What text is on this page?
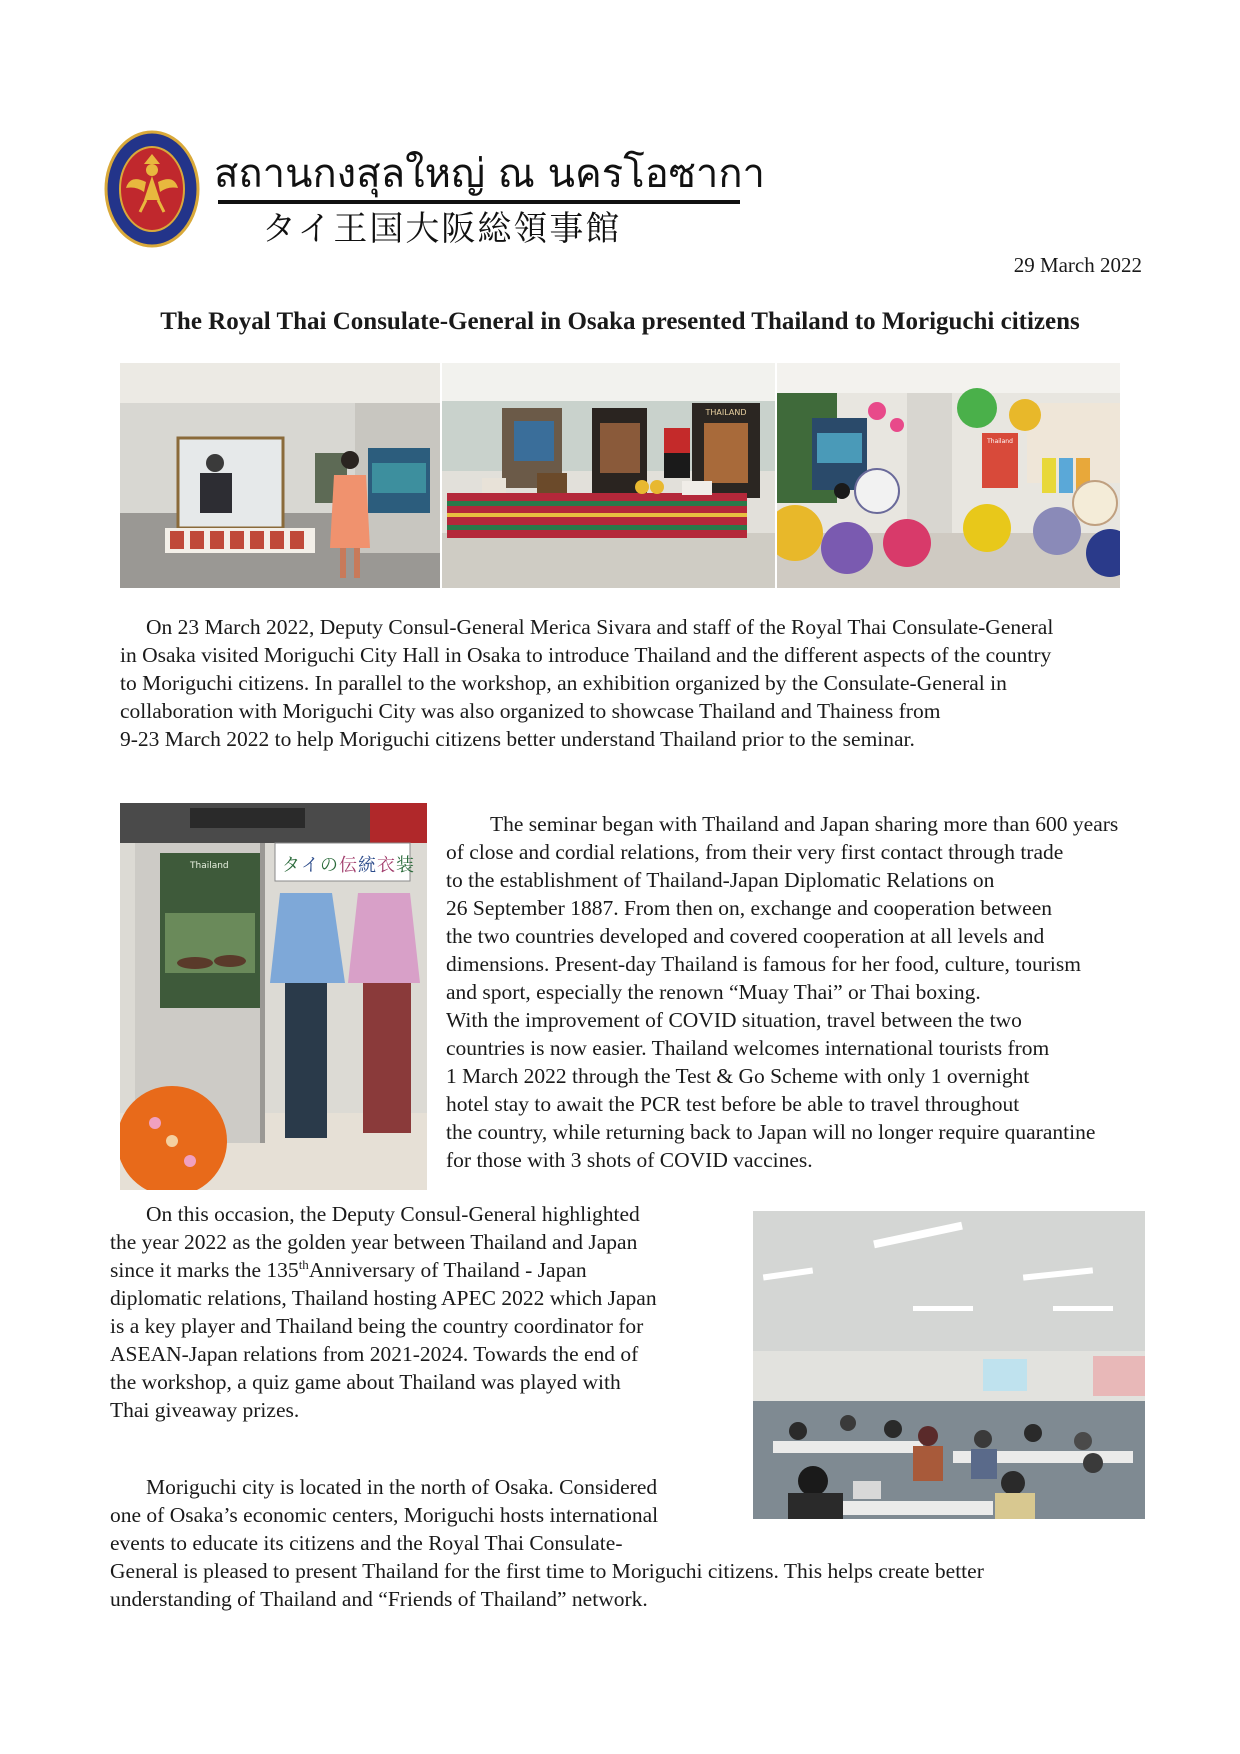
สถานกงสุลใหญ่ ณ นครโอซากา
タイ王国大阪総領事館
29 March 2022
The Royal Thai Consulate-General in Osaka presented Thailand to Moriguchi citizens
THAILAND
Thailand
On 23 March 2022, Deputy Consul-General Merica Sivara and staff of the Royal Thai Consulate-General
in Osaka visited Moriguchi City Hall in Osaka to introduce Thailand and the different aspects of the country
to Moriguchi citizens. In parallel to the workshop, an exhibition organized by the Consulate-General in
collaboration with Moriguchi City was also organized to showcase Thailand and Thainess from
9-23 March 2022 to help Moriguchi citizens better understand Thailand prior to the seminar.
Thailand	タ イ の 伝 統 衣 装
The seminar began with Thailand and Japan sharing more than 600 years
of close and cordial relations, from their very first contact through trade
to the establishment of Thailand-Japan Diplomatic Relations on
26 September 1887. From then on, exchange and cooperation between
the two countries developed and covered cooperation at all levels and
dimensions. Present-day Thailand is famous for her food, culture, tourism
and sport, especially the renown “Muay Thai” or Thai boxing.
With the improvement of COVID situation, travel between the two
countries is now easier. Thailand welcomes international tourists from
1 March 2022 through the Test & Go Scheme with only 1 overnight
hotel stay to await the PCR test before be able to travel throughout
the country, while returning back to Japan will no longer require quarantine
for those with 3 shots of COVID vaccines.
On this occasion, the Deputy Consul-General highlighted
the year 2022 as the golden year between Thailand and Japan
since it marks the 135thAnniversary of Thailand - Japan
diplomatic relations, Thailand hosting APEC 2022 which Japan
is a key player and Thailand being the country coordinator for
ASEAN-Japan relations from 2021-2024. Towards the end of
the workshop, a quiz game about Thailand was played with
Thai giveaway prizes.
Moriguchi city is located in the north of Osaka. Considered
one of Osaka’s economic centers, Moriguchi hosts international
events to educate its citizens and the Royal Thai Consulate-
General is pleased to present Thailand for the first time to Moriguchi citizens. This helps create better
understanding of Thailand and “Friends of Thailand” network.
